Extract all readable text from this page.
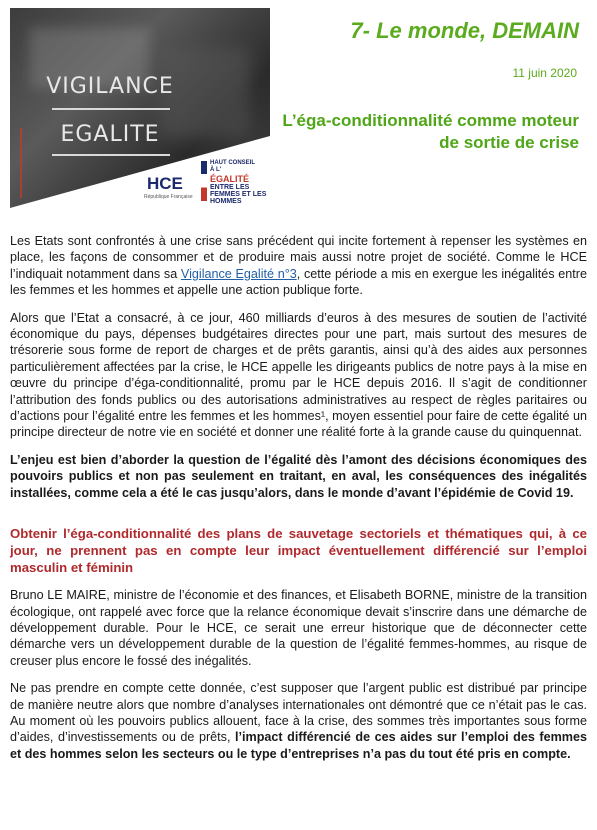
VIGILANCE
EGALITE
HCE
République Française
HAUT CONSEIL
À L'
ÉGALITÉ
ENTRE LES FEMMES ET LES HOMMES
7- Le monde, DEMAIN
11 juin 2020
L’éga-conditionnalité comme moteur de sortie de crise

Les Etats sont confrontés à une crise sans précédent qui incite fortement à repenser les systèmes en place, les façons de consommer et de produire mais aussi notre projet de société. Comme le HCE l’indiquait notamment dans sa Vigilance Egalité n°3, cette période a mis en exergue les inégalités entre les femmes et les hommes et appelle une action publique forte.

Alors que l’Etat a consacré, à ce jour, 460 milliards d’euros à des mesures de soutien de l’activité économique du pays, dépenses budgétaires directes pour une part, mais surtout des mesures de trésorerie sous forme de report de charges et de prêts garantis, ainsi qu’à des aides aux personnes particulièrement affectées par la crise, le HCE appelle les dirigeants publics de notre pays à la mise en œuvre du principe d’éga-conditionnalité, promu par le HCE depuis 2016. Il s’agit de conditionner l’attribution des fonds publics ou des autorisations administratives au respect de règles paritaires ou d’actions pour l’égalité entre les femmes et les hommes¹, moyen essentiel pour faire de cette égalité un principe directeur de notre vie en société et donner une réalité forte à la grande cause du quinquennat.

L’enjeu est bien d’aborder la question de l’égalité dès l’amont des décisions économiques des pouvoirs publics et non pas seulement en traitant, en aval, les conséquences des inégalités installées, comme cela a été le cas jusqu’alors, dans le monde d’avant l’épidémie de Covid 19.

Obtenir l’éga-conditionnalité des plans de sauvetage sectoriels et thématiques qui, à ce jour, ne prennent pas en compte leur impact éventuellement différencié sur l’emploi masculin et féminin

Bruno LE MAIRE, ministre de l’économie et des finances, et Elisabeth BORNE, ministre de la transition écologique, ont rappelé avec force que la relance économique devait s’inscrire dans une démarche de développement durable. Pour le HCE, ce serait une erreur historique que de déconnecter cette démarche vers un développement durable de la question de l’égalité femmes-hommes, au risque de creuser plus encore le fossé des inégalités.

Ne pas prendre en compte cette donnée, c’est supposer que l’argent public est distribué par principe de manière neutre alors que nombre d’analyses internationales ont démontré que ce n’était pas le cas. Au moment où les pouvoirs publics allouent, face à la crise, des sommes très importantes sous forme d’aides, d’investissements ou de prêts, l’impact différencié de ces aides sur l’emploi des femmes et des hommes selon les secteurs ou le type d’entreprises n’a pas du tout été pris en compte.
